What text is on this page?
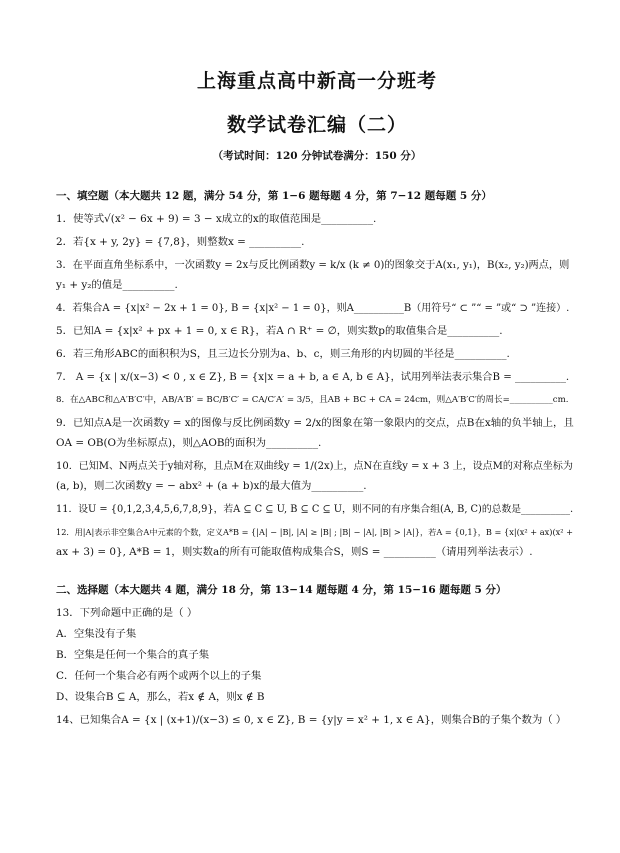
上海重点高中新高一分班考
数学试卷汇编（二）
（考试时间：120 分钟试卷满分：150 分）
一、填空题（本大题共 12 题，满分 54 分，第 1−6 题每题 4 分，第 7−12 题每题 5 分）
1．使等式√(x² − 6x + 9) = 3 − x成立的x的取值范围是__________.
2．若{x + y, 2y} = {7,8}，则整数x = __________.
3．在平面直角坐标系中，一次函数y = 2x与反比例函数y = k/x (k ≠ 0)的图象交于A(x₁, y₁)，B(x₂, y₂)两点，则
y₁ + y₂的值是__________.
4．若集合A = {x|x² − 2x + 1 = 0}, B = {x|x² − 1 = 0}，则A__________B（用符号“ ⊂ ”“ = ”或“ ⊃ ”连接）.
5．已知A = {x|x² + px + 1 = 0, x ∈ R}，若A ∩ R⁺ = ∅，则实数p的取值集合是__________.
6．若三角形ABC的面积积为S，且三边长分别为a、b、c，则三角形的内切圆的半径是__________.
7． A = {x | x/(x−3) < 0 , x ∈ Z}, B = {x|x = a + b, a ∈ A, b ∈ A}，试用列举法表示集合B = __________.
8．在△ABC和△A′B′C′中，AB/A′B′ = BC/B′C′ = CA/C′A′ = 3/5，且AB + BC + CA = 24cm，则△A′B′C′的周长=__________cm.
9．已知点A是一次函数y = x的图像与反比例函数y = 2/x的图象在第一象限内的交点，点B在x轴的负半轴上，且
OA = OB(O为坐标原点)，则△AOB的面积为__________.
10．已知M、N两点关于y轴对称，且点M在双曲线y = 1/(2x)上，点N在直线y = x + 3 上，设点M的对称点坐标为
(a, b)，则二次函数y = − abx² + (a + b)x的最大值为__________.
11．设U = {0,1,2,3,4,5,6,7,8,9}，若A ⊆ C ⊆ U, B ⊆ C ⊆ U，则不同的有序集合组(A, B, C)的总数是__________.
12．用|A|表示非空集合A中元素的个数，定义A*B = {|A| − |B|, |A| ≥ |B| ; |B| − |A|, |B| > |A|}，若A = {0,1}，B = {x|(x² + ax)(x² +
ax + 3) = 0}, A*B = 1，则实数a的所有可能取值构成集合S，则S = __________（请用列举法表示）.
二、选择题（本大题共 4 题，满分 18 分，第 13−14 题每题 4 分，第 15−16 题每题 5 分）
13．下列命题中正确的是（ ）
A．空集没有子集
B．空集是任何一个集合的真子集
C．任何一个集合必有两个或两个以上的子集
D、设集合B ⊆ A，那么，若x ∉ A，则x ∉ B
14、已知集合A = {x | (x+1)/(x−3) ≤ 0, x ∈ Z}, B = {y|y = x² + 1, x ∈ A}，则集合B的子集个数为（ ）
